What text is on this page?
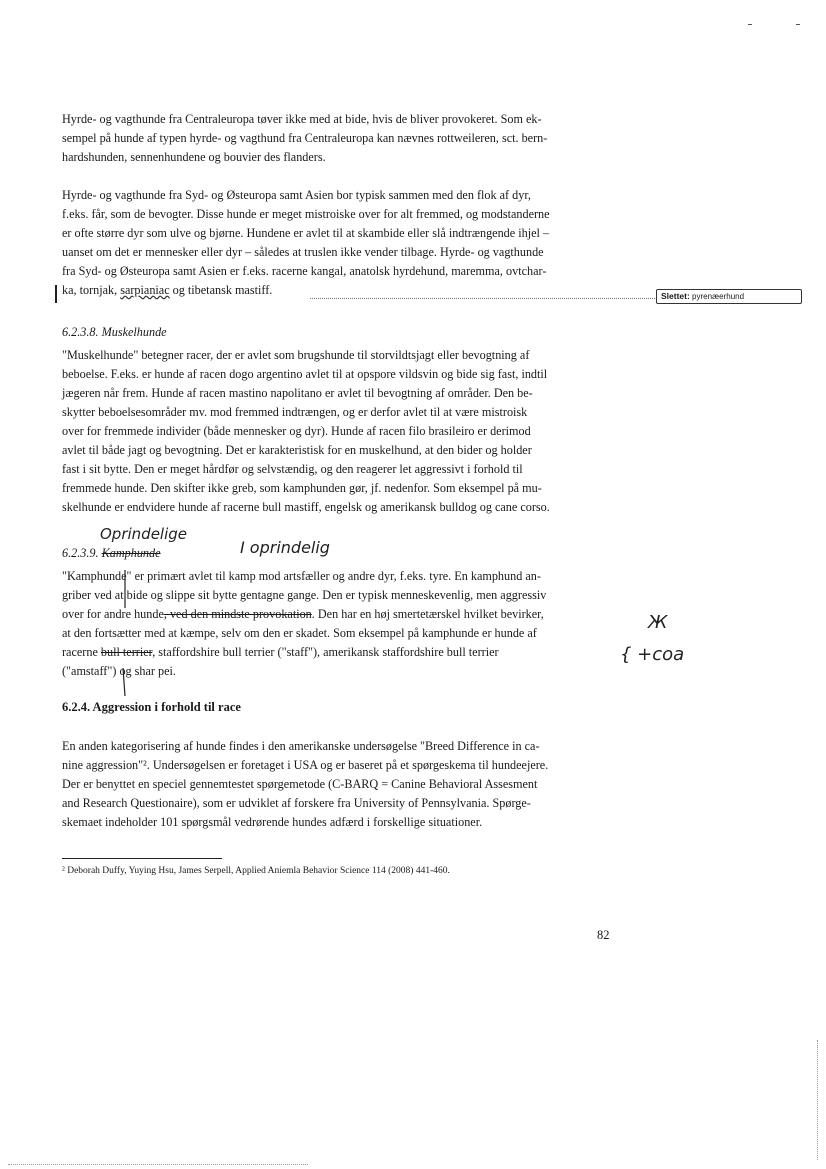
Hyrde- og vagthunde fra Centraleuropa tøver ikke med at bide, hvis de bliver provokeret. Som ek-
sempel på hunde af typen hyrde- og vagthund fra Centraleuropa kan nævnes rottweileren, sct. bern-
hardshunden, sennenhundene og bouvier des flanders.
Hyrde- og vagthunde fra Syd- og Østeuropa samt Asien bor typisk sammen med den flok af dyr,
f.eks. får, som de bevogter. Disse hunde er meget mistroiske over for alt fremmed, og modstanderne
er ofte større dyr som ulve og bjørne. Hundene er avlet til at skambide eller slå indtrængende ihjel –
uanset om det er mennesker eller dyr – således at truslen ikke vender tilbage. Hyrde- og vagthunde
fra Syd- og Østeuropa samt Asien er f.eks. racerne kangal, anatolsk hyrdehund, maremma, ovtchar-
ka, tornjak, sarpianiac og tibetansk mastiff.	Slettet: pyrenæerhund
6.2.3.8. Muskelhunde
"Muskelhunde" betegner racer, der er avlet som brugshunde til storvildtsjagt eller bevogtning af
beboelse. F.eks. er hunde af racen dogo argentino avlet til at opspore vildsvin og bide sig fast, indtil
jægeren når frem. Hunde af racen mastino napolitano er avlet til bevogtning af områder. Den be-
skytter beboelsesområder mv. mod fremmed indtrængen, og er derfor avlet til at være mistroisk
over for fremmede individer (både mennesker og dyr). Hunde af racen filo brasileiro er derimod
avlet til både jagt og bevogtning. Det er karakteristisk for en muskelhund, at den bider og holder
fast i sit bytte. Den er meget hårdfør og selvstændig, og den reagerer let aggressivt i forhold til
fremmede hunde. Den skifter ikke greb, som kamphunden gør, jf. nedenfor. Som eksempel på mu-
skelhunde er endvidere hunde af racerne bull mastiff, engelsk og amerikansk bulldog og cane corso.
Oprindelige
6.2.3.9. Kamphunde	I oprindelig
"Kamphunde" er primært avlet til kamp mod artsfæller og andre dyr, f.eks. tyre. En kamphund an-
griber ved at bide og slippe sit bytte gentagne gange. Den er typisk menneskevenlig, men aggressiv
over for andre hunde, ved den mindste provokation. Den har en høj smertetærskel hvilket bevirker,
at den fortsætter med at kæmpe, selv om den er skadet. Som eksempel på kamphunde er hunde af
racerne bull terrier, staffordshire bull terrier ("staff"), amerikansk staffordshire bull terrier
("amstaff") og shar pei.
{ +coa
Ж
6.2.4. Aggression i forhold til race
En anden kategorisering af hunde findes i den amerikanske undersøgelse "Breed Difference in ca-
nine aggression"². Undersøgelsen er foretaget i USA og er baseret på et spørgeskema til hundeejere.
Der er benyttet en speciel gennemtestet spørgemetode (C-BARQ = Canine Behavioral Assesment
and Research Questionaire), som er udviklet af forskere fra University of Pennsylvania. Spørge-
skemaet indeholder 101 spørgsmål vedrørende hundes adfærd i forskellige situationer.
² Deborah Duffy, Yuying Hsu, James Serpell, Applied Aniemla Behavior Science 114 (2008) 441-460.
82
